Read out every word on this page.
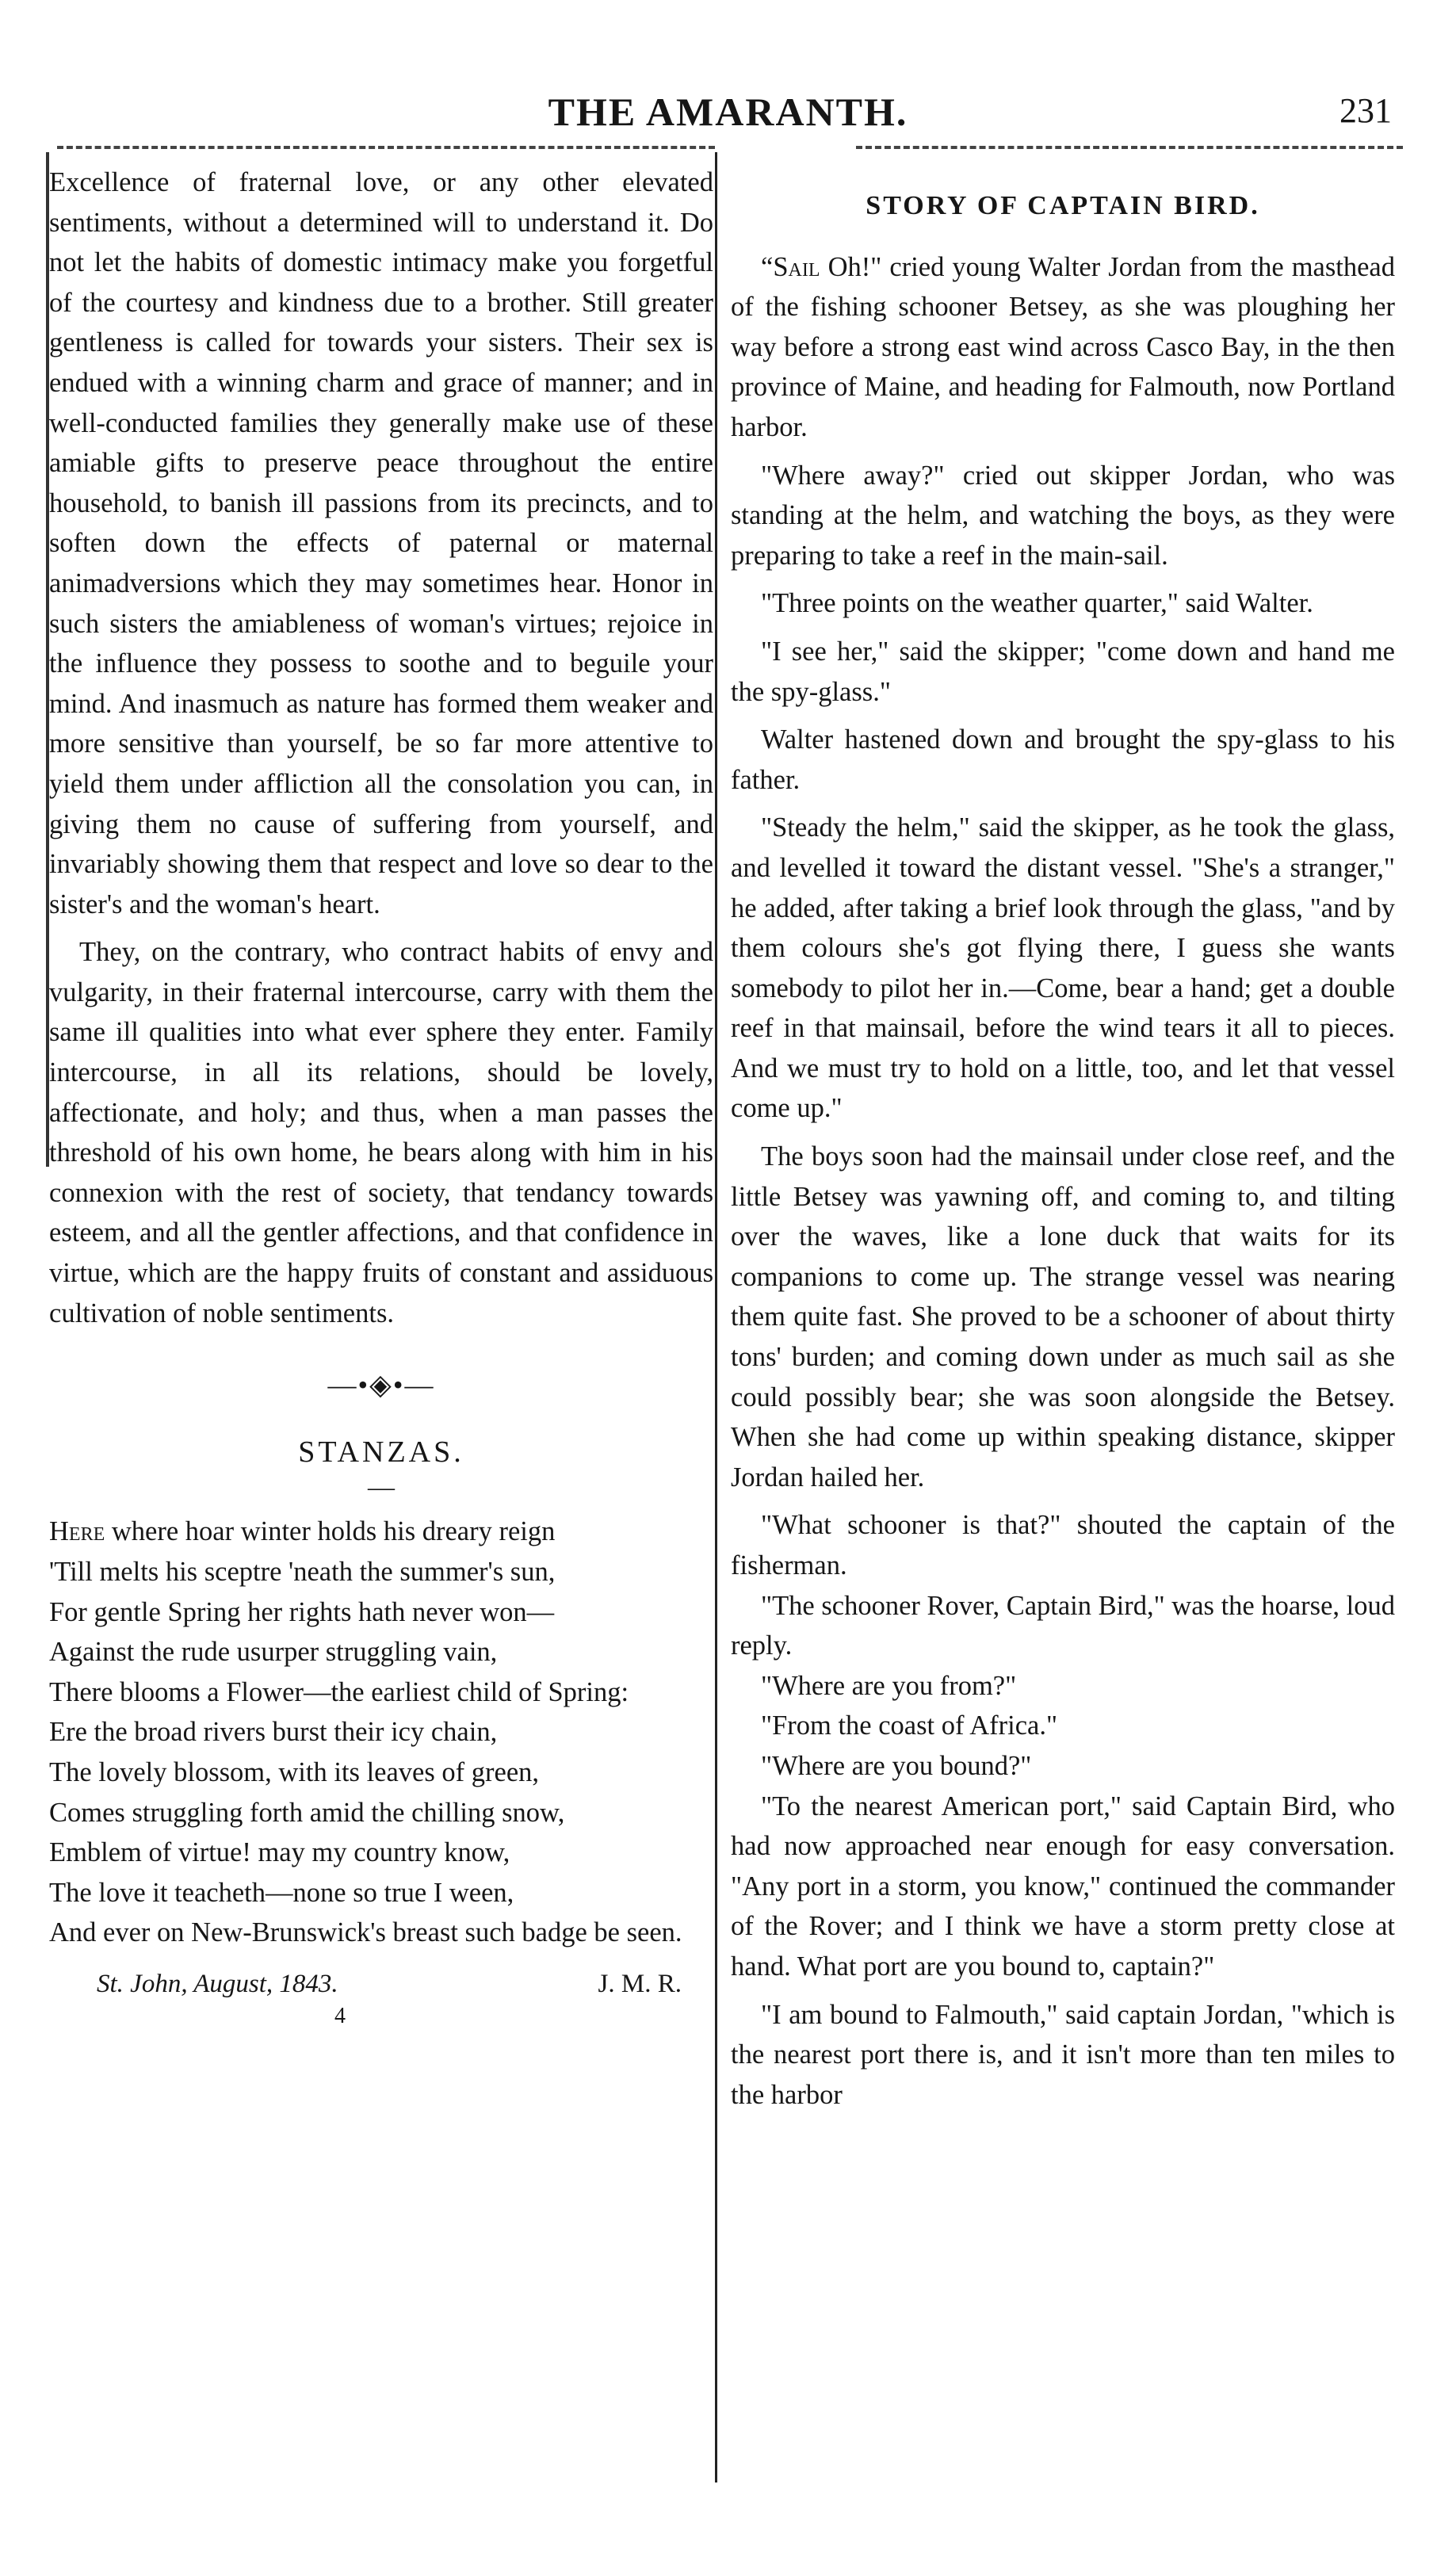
THE AMARANTH.	231

Excellence of fraternal love, or any other elevated sentiments, without a determined will to understand it. Do not let the habits of domestic intimacy make you forgetful of the courtesy and kindness due to a brother. Still greater gentleness is called for towards your sisters. Their sex is endued with a winning charm and grace of manner; and in well-conducted families they generally make use of these amiable gifts to preserve peace throughout the entire household, to banish ill passions from its precincts, and to soften down the effects of paternal or maternal animadversions which they may sometimes hear. Honor in such sisters the amiableness of woman's virtues; rejoice in the influence they possess to soothe and to beguile your mind. And inasmuch as nature has formed them weaker and more sensitive than yourself, be so far more attentive to yield them under affliction all the consolation you can, in giving them no cause of suffering from yourself, and invariably showing them that respect and love so dear to the sister's and the woman's heart.

They, on the contrary, who contract habits of envy and vulgarity, in their fraternal intercourse, carry with them the same ill qualities into what ever sphere they enter. Family intercourse, in all its relations, should be lovely, affectionate, and holy; and thus, when a man passes the threshold of his own home, he bears along with him in his connexion with the rest of society, that tendancy towards esteem, and all the gentler affections, and that confidence in virtue, which are the happy fruits of constant and assiduous cultivation of noble sentiments.

—•◈•—
STANZAS.
—
Here where hoar winter holds his dreary reign
'Till melts his sceptre 'neath the summer's sun,
For gentle Spring her rights hath never won—
Against the rude usurper struggling vain,
There blooms a Flower—the earliest child of Spring:
Ere the broad rivers burst their icy chain,
The lovely blossom, with its leaves of green,
Comes struggling forth amid the chilling snow,
Emblem of virtue! may my country know,
The love it teacheth—none so true I ween,
And ever on New-Brunswick's breast such badge be seen.
St. John, August, 1843.	J. M. R.
4
STORY OF CAPTAIN BIRD.

“Sail Oh!" cried young Walter Jordan from the masthead of the fishing schooner Betsey, as she was ploughing her way before a strong east wind across Casco Bay, in the then province of Maine, and heading for Falmouth, now Portland harbor.

"Where away?" cried out skipper Jordan, who was standing at the helm, and watching the boys, as they were preparing to take a reef in the main-sail.

"Three points on the weather quarter," said Walter.

"I see her," said the skipper; "come down and hand me the spy-glass."

Walter hastened down and brought the spy-glass to his father.

"Steady the helm," said the skipper, as he took the glass, and levelled it toward the distant vessel. "She's a stranger," he added, after taking a brief look through the glass, "and by them colours she's got flying there, I guess she wants somebody to pilot her in.—Come, bear a hand; get a double reef in that mainsail, before the wind tears it all to pieces. And we must try to hold on a little, too, and let that vessel come up."

The boys soon had the mainsail under close reef, and the little Betsey was yawning off, and coming to, and tilting over the waves, like a lone duck that waits for its companions to come up. The strange vessel was nearing them quite fast. She proved to be a schooner of about thirty tons' burden; and coming down under as much sail as she could possibly bear; she was soon alongside the Betsey. When she had come up within speaking distance, skipper Jordan hailed her.

"What schooner is that?" shouted the captain of the fisherman.

"The schooner Rover, Captain Bird," was the hoarse, loud reply.

"Where are you from?"

"From the coast of Africa."

"Where are you bound?"

"To the nearest American port," said Captain Bird, who had now approached near enough for easy conversation. "Any port in a storm, you know," continued the commander of the Rover; and I think we have a storm pretty close at hand. What port are you bound to, captain?"

"I am bound to Falmouth," said captain Jordan, "which is the nearest port there is, and it isn't more than ten miles to the harbor
